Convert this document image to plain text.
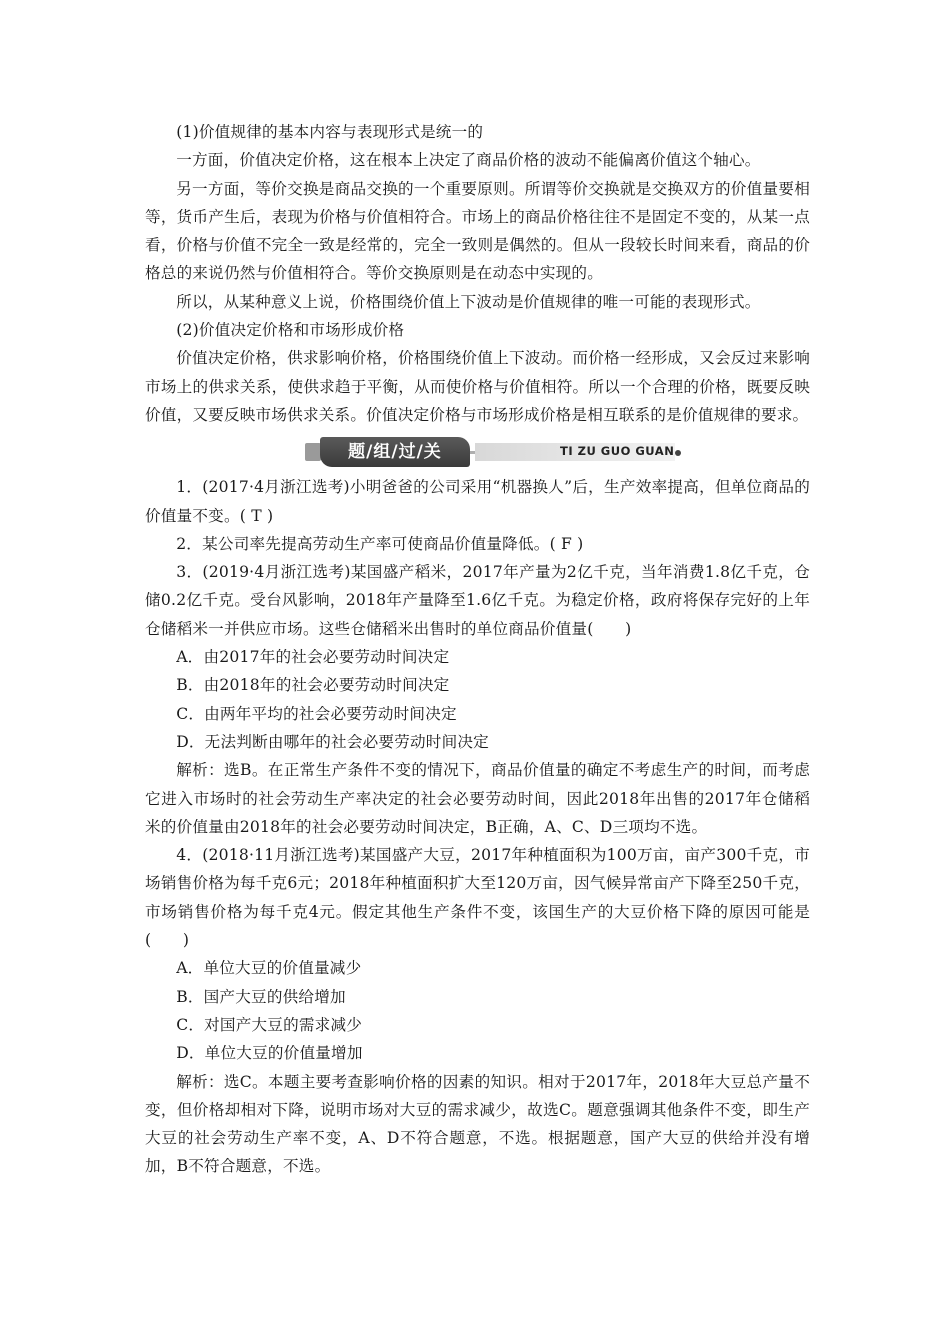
(1)价值规律的基本内容与表现形式是统一的

一方面，价值决定价格，这在根本上决定了商品价格的波动不能偏离价值这个轴心。

另一方面，等价交换是商品交换的一个重要原则。所谓等价交换就是交换双方的价值量要相等，货币产生后，表现为价格与价值相符合。市场上的商品价格往往不是固定不变的，从某一点看，价格与价值不完全一致是经常的，完全一致则是偶然的。但从一段较长时间来看，商品的价格总的来说仍然与价值相符合。等价交换原则是在动态中实现的。

所以，从某种意义上说，价格围绕价值上下波动是价值规律的唯一可能的表现形式。

(2)价值决定价格和市场形成价格

价值决定价格，供求影响价格，价格围绕价值上下波动。而价格一经形成，又会反过来影响市场上的供求关系，使供求趋于平衡，从而使价格与价值相符。所以一个合理的价格，既要反映价值，又要反映市场供求关系。价值决定价格与市场形成价格是相互联系的是价值规律的要求。

题/组/过/关	TI ZU GUO GUAN

1．(2017·4月浙江选考)小明爸爸的公司采用“机器换人”后，生产效率提高，但单位商品的价值量不变。( T )

2．某公司率先提高劳动生产率可使商品价值量降低。( F )

3．(2019·4月浙江选考)某国盛产稻米，2017年产量为2亿千克，当年消费1.8亿千克，仓储0.2亿千克。受台风影响，2018年产量降至1.6亿千克。为稳定价格，政府将保存完好的上年仓储稻米一并供应市场。这些仓储稻米出售时的单位商品价值量(　　)

A．由2017年的社会必要劳动时间决定

B．由2018年的社会必要劳动时间决定

C．由两年平均的社会必要劳动时间决定

D．无法判断由哪年的社会必要劳动时间决定

解析：选B。在正常生产条件不变的情况下，商品价值量的确定不考虑生产的时间，而考虑它进入市场时的社会劳动生产率决定的社会必要劳动时间，因此2018年出售的2017年仓储稻米的价值量由2018年的社会必要劳动时间决定，B正确，A、C、D三项均不选。

4．(2018·11月浙江选考)某国盛产大豆，2017年种植面积为100万亩，亩产300千克，市场销售价格为每千克6元；2018年种植面积扩大至120万亩，因气候异常亩产下降至250千克，市场销售价格为每千克4元。假定其他生产条件不变，该国生产的大豆价格下降的原因可能是(　　)

A．单位大豆的价值量减少

B．国产大豆的供给增加

C．对国产大豆的需求减少

D．单位大豆的价值量增加

解析：选C。本题主要考查影响价格的因素的知识。相对于2017年，2018年大豆总产量不变，但价格却相对下降，说明市场对大豆的需求减少，故选C。题意强调其他条件不变，即生产大豆的社会劳动生产率不变，A、D不符合题意，不选。根据题意，国产大豆的供给并没有增加，B不符合题意，不选。
